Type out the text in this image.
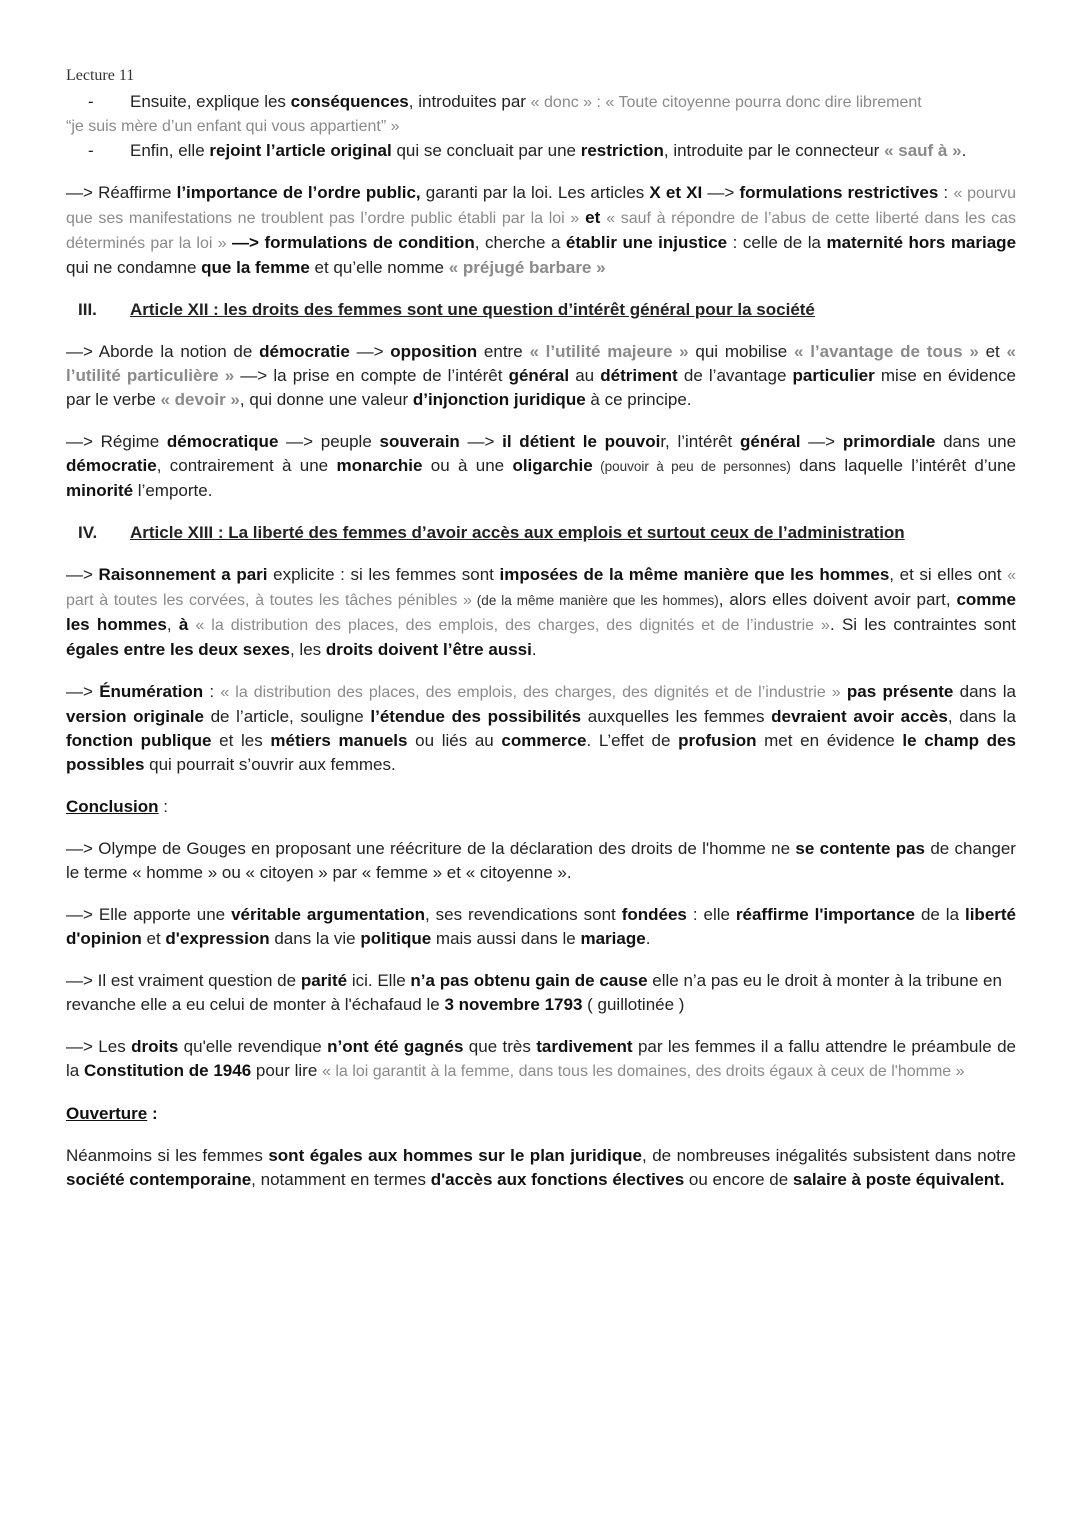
Lecture 11
-	Ensuite, explique les conséquences, introduites par « donc » : « Toute citoyenne pourra donc dire librement
“je suis mère d’un enfant qui vous appartient” »
-	Enfin, elle rejoint l’article original qui se concluait par une restriction, introduite par le connecteur « sauf à ».

—> Réaffirme l’importance de l’ordre public, garanti par la loi. Les articles X et XI —> formulations restrictives : « pourvu que ses manifestations ne troublent pas l’ordre public établi par la loi » et « sauf à répondre de l’abus de cette liberté dans les cas déterminés par la loi » —> formulations de condition, cherche a établir une injustice : celle de la maternité hors mariage qui ne condamne que la femme et qu’elle nomme « préjugé barbare »

III.	Article XII : les droits des femmes sont une question d’intérêt général pour la société

—> Aborde la notion de démocratie —> opposition entre « l’utilité majeure » qui mobilise « l’avantage de tous » et « l’utilité particulière » —> la prise en compte de l’intérêt général au détriment de l’avantage particulier mise en évidence par le verbe « devoir », qui donne une valeur d’injonction juridique à ce principe.

—> Régime démocratique —> peuple souverain —> il détient le pouvoir, l’intérêt général —> primordiale dans une démocratie, contrairement à une monarchie ou à une oligarchie (pouvoir à peu de personnes) dans laquelle l’intérêt d’une minorité l’emporte.

IV.	Article XIII : La liberté des femmes d’avoir accès aux emplois et surtout ceux de l’administration

—> Raisonnement a pari explicite : si les femmes sont imposées de la même manière que les hommes, et si elles ont « part à toutes les corvées, à toutes les tâches pénibles » (de la même manière que les hommes), alors elles doivent avoir part, comme les hommes, à « la distribution des places, des emplois, des charges, des dignités et de l’industrie ». Si les contraintes sont égales entre les deux sexes, les droits doivent l’être aussi.

—> Énumération : « la distribution des places, des emplois, des charges, des dignités et de l’industrie » pas présente dans la version originale de l’article, souligne l’étendue des possibilités auxquelles les femmes devraient avoir accès, dans la fonction publique et les métiers manuels ou liés au commerce. L’effet de profusion met en évidence le champ des possibles qui pourrait s’ouvrir aux femmes.

Conclusion :

—> Olympe de Gouges en proposant une réécriture de la déclaration des droits de l'homme ne se contente pas de changer le terme « homme » ou « citoyen » par « femme » et « citoyenne ».

—> Elle apporte une véritable argumentation, ses revendications sont fondées : elle réaffirme l'importance de la liberté d'opinion et d'expression dans la vie politique mais aussi dans le mariage.

—> Il est vraiment question de parité ici. Elle n’a pas obtenu gain de cause elle n’a pas eu le droit à monter à la tribune en revanche elle a eu celui de monter à l'échafaud le 3 novembre 1793 ( guillotinée )

—> Les droits qu'elle revendique n’ont été gagnés que très tardivement par les femmes il a fallu attendre le préambule de la Constitution de 1946 pour lire « la loi garantit à la femme, dans tous les domaines, des droits égaux à ceux de l'homme »

Ouverture :

Néanmoins si les femmes sont égales aux hommes sur le plan juridique, de nombreuses inégalités subsistent dans notre société contemporaine, notamment en termes d'accès aux fonctions électives ou encore de salaire à poste équivalent.
